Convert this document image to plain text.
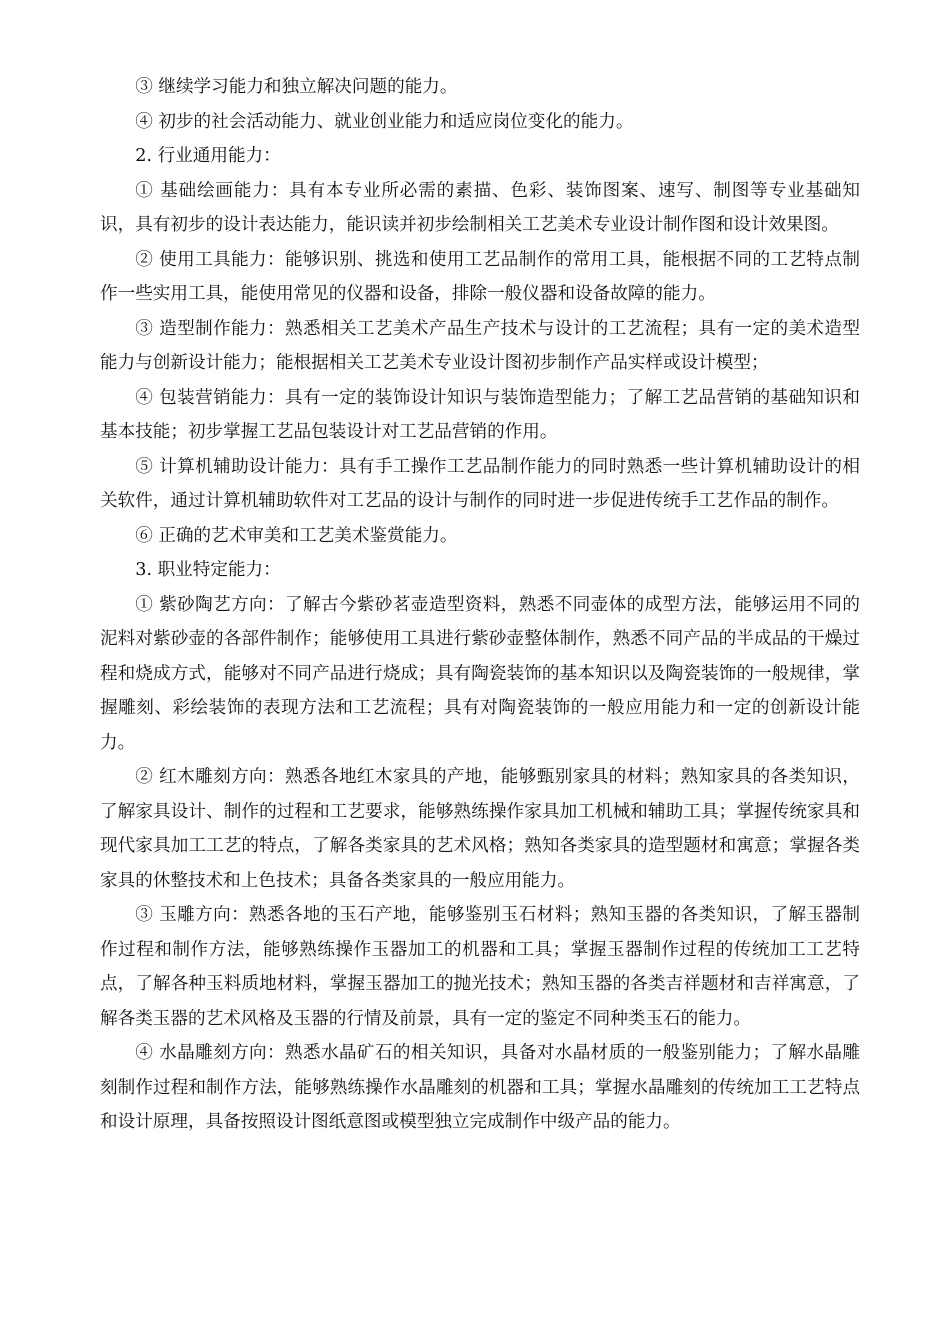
③ 继续学习能力和独立解决问题的能力。

④ 初步的社会活动能力、就业创业能力和适应岗位变化的能力。

2. 行业通用能力：

① 基础绘画能力：具有本专业所必需的素描、色彩、装饰图案、速写、制图等专业基础知识，具有初步的设计表达能力，能识读并初步绘制相关工艺美术专业设计制作图和设计效果图。

② 使用工具能力：能够识别、挑选和使用工艺品制作的常用工具，能根据不同的工艺特点制作一些实用工具，能使用常见的仪器和设备，排除一般仪器和设备故障的能力。

③ 造型制作能力：熟悉相关工艺美术产品生产技术与设计的工艺流程；具有一定的美术造型能力与创新设计能力；能根据相关工艺美术专业设计图初步制作产品实样或设计模型；

④ 包装营销能力：具有一定的装饰设计知识与装饰造型能力；了解工艺品营销的基础知识和基本技能；初步掌握工艺品包装设计对工艺品营销的作用。

⑤ 计算机辅助设计能力：具有手工操作工艺品制作能力的同时熟悉一些计算机辅助设计的相关软件，通过计算机辅助软件对工艺品的设计与制作的同时进一步促进传统手工艺作品的制作。

⑥ 正确的艺术审美和工艺美术鉴赏能力。

3. 职业特定能力：

① 紫砂陶艺方向：了解古今紫砂茗壶造型资料，熟悉不同壶体的成型方法，能够运用不同的泥料对紫砂壶的各部件制作；能够使用工具进行紫砂壶整体制作，熟悉不同产品的半成品的干燥过程和烧成方式，能够对不同产品进行烧成；具有陶瓷装饰的基本知识以及陶瓷装饰的一般规律，掌握雕刻、彩绘装饰的表现方法和工艺流程；具有对陶瓷装饰的一般应用能力和一定的创新设计能力。

② 红木雕刻方向：熟悉各地红木家具的产地，能够甄别家具的材料；熟知家具的各类知识，了解家具设计、制作的过程和工艺要求，能够熟练操作家具加工机械和辅助工具；掌握传统家具和现代家具加工工艺的特点，了解各类家具的艺术风格；熟知各类家具的造型题材和寓意；掌握各类家具的休整技术和上色技术；具备各类家具的一般应用能力。

③ 玉雕方向：熟悉各地的玉石产地，能够鉴别玉石材料；熟知玉器的各类知识，了解玉器制作过程和制作方法，能够熟练操作玉器加工的机器和工具；掌握玉器制作过程的传统加工工艺特点，了解各种玉料质地材料，掌握玉器加工的抛光技术；熟知玉器的各类吉祥题材和吉祥寓意，了解各类玉器的艺术风格及玉器的行情及前景，具有一定的鉴定不同种类玉石的能力。

④ 水晶雕刻方向：熟悉水晶矿石的相关知识，具备对水晶材质的一般鉴别能力；了解水晶雕刻制作过程和制作方法，能够熟练操作水晶雕刻的机器和工具；掌握水晶雕刻的传统加工工艺特点和设计原理，具备按照设计图纸意图或模型独立完成制作中级产品的能力。
